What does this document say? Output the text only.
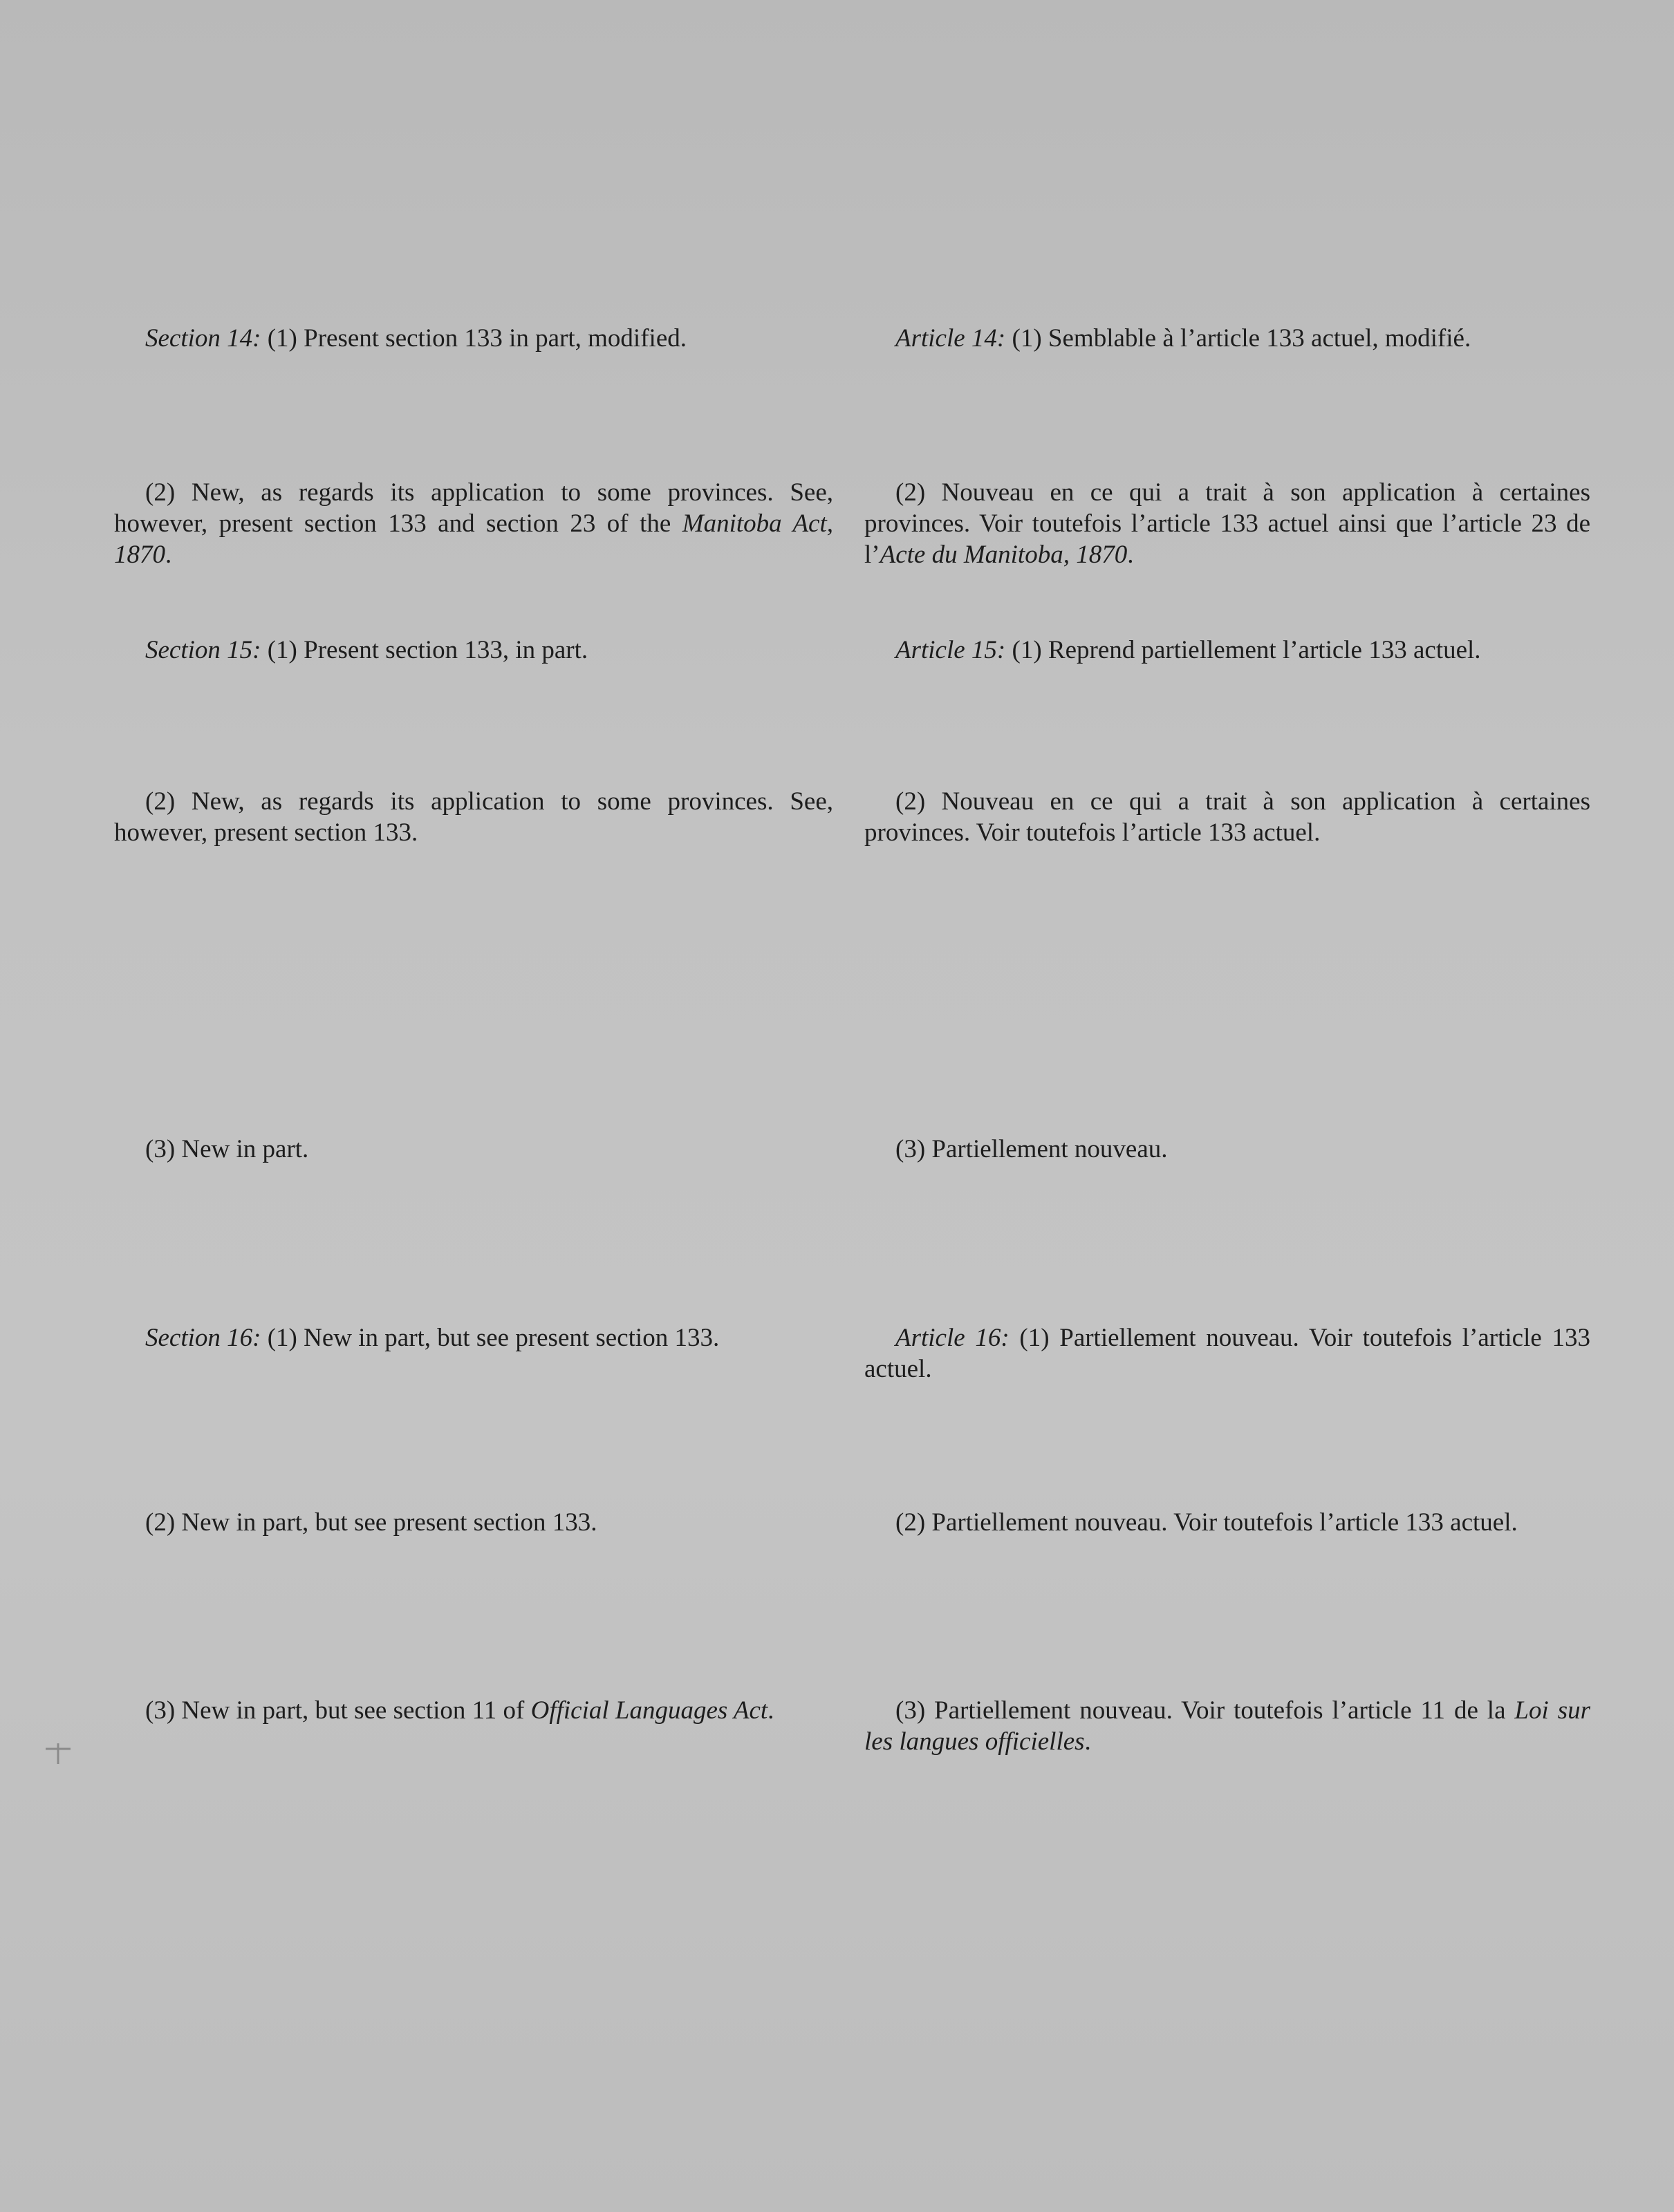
Section 14: (1) Present section 133 in part, modified.

(2) New, as regards its application to some provinces. See, however, present section 133 and section 23 of the Manitoba Act, 1870.

Section 15: (1) Present section 133, in part.

(2) New, as regards its application to some provinces. See, however, present section 133.

(3) New in part.

Section 16: (1) New in part, but see present section 133.

(2) New in part, but see present section 133.

(3) New in part, but see section 11 of Official Languages Act.

Article 14: (1) Semblable à l’article 133 actuel, modifié.

(2) Nouveau en ce qui a trait à son application à certaines provinces. Voir toutefois l’article 133 actuel ainsi que l’article 23 de l’Acte du Manitoba, 1870.

Article 15: (1) Reprend partiellement l’article 133 actuel.

(2) Nouveau en ce qui a trait à son application à certaines provinces. Voir toutefois l’article 133 actuel.

(3) Partiellement nouveau.

Article 16: (1) Partiellement nouveau. Voir toutefois l’article 133 actuel.

(2) Partiellement nouveau. Voir toutefois l’article 133 actuel.

(3) Partiellement nouveau. Voir toutefois l’article 11 de la Loi sur les langues officielles.
